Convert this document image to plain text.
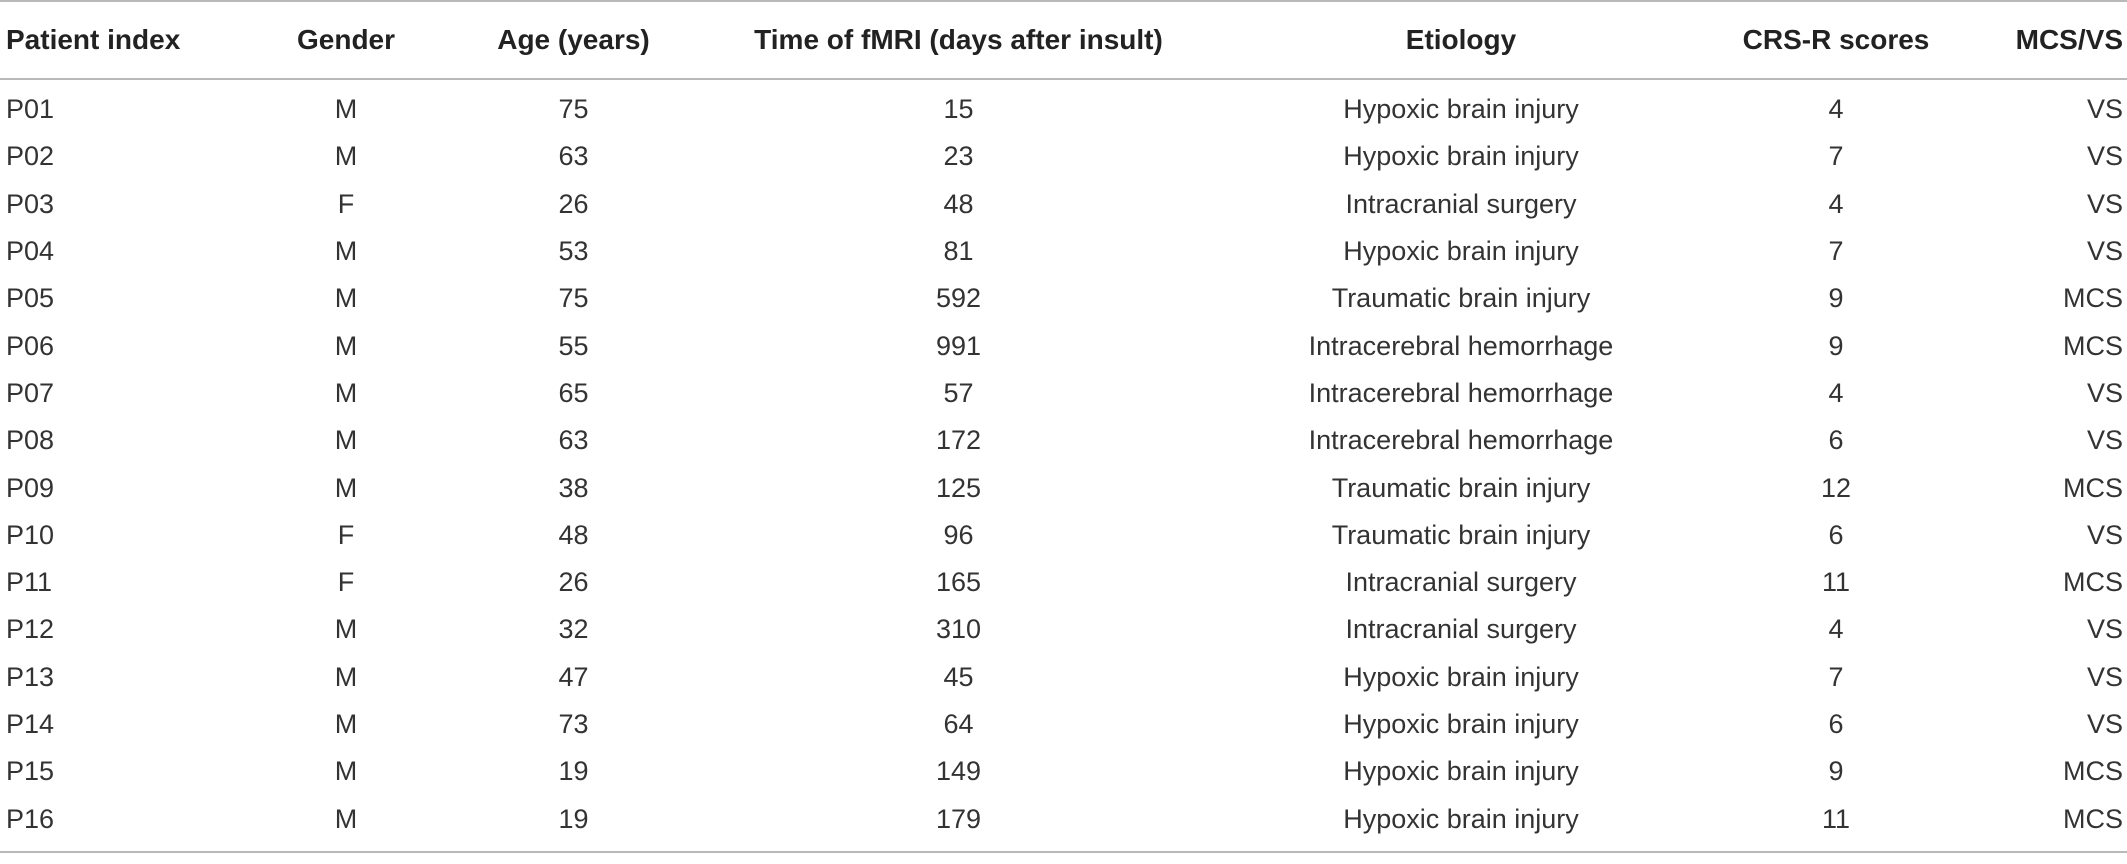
Patient index	Gender	Age (years)	Time of fMRI (days after insult)	Etiology	CRS-R scores	MCS/VS
P01	M	75	15	Hypoxic brain injury	4	VS
P02	M	63	23	Hypoxic brain injury	7	VS
P03	F	26	48	Intracranial surgery	4	VS
P04	M	53	81	Hypoxic brain injury	7	VS
P05	M	75	592	Traumatic brain injury	9	MCS
P06	M	55	991	Intracerebral hemorrhage	9	MCS
P07	M	65	57	Intracerebral hemorrhage	4	VS
P08	M	63	172	Intracerebral hemorrhage	6	VS
P09	M	38	125	Traumatic brain injury	12	MCS
P10	F	48	96	Traumatic brain injury	6	VS
P11	F	26	165	Intracranial surgery	11	MCS
P12	M	32	310	Intracranial surgery	4	VS
P13	M	47	45	Hypoxic brain injury	7	VS
P14	M	73	64	Hypoxic brain injury	6	VS
P15	M	19	149	Hypoxic brain injury	9	MCS
P16	M	19	179	Hypoxic brain injury	11	MCS
